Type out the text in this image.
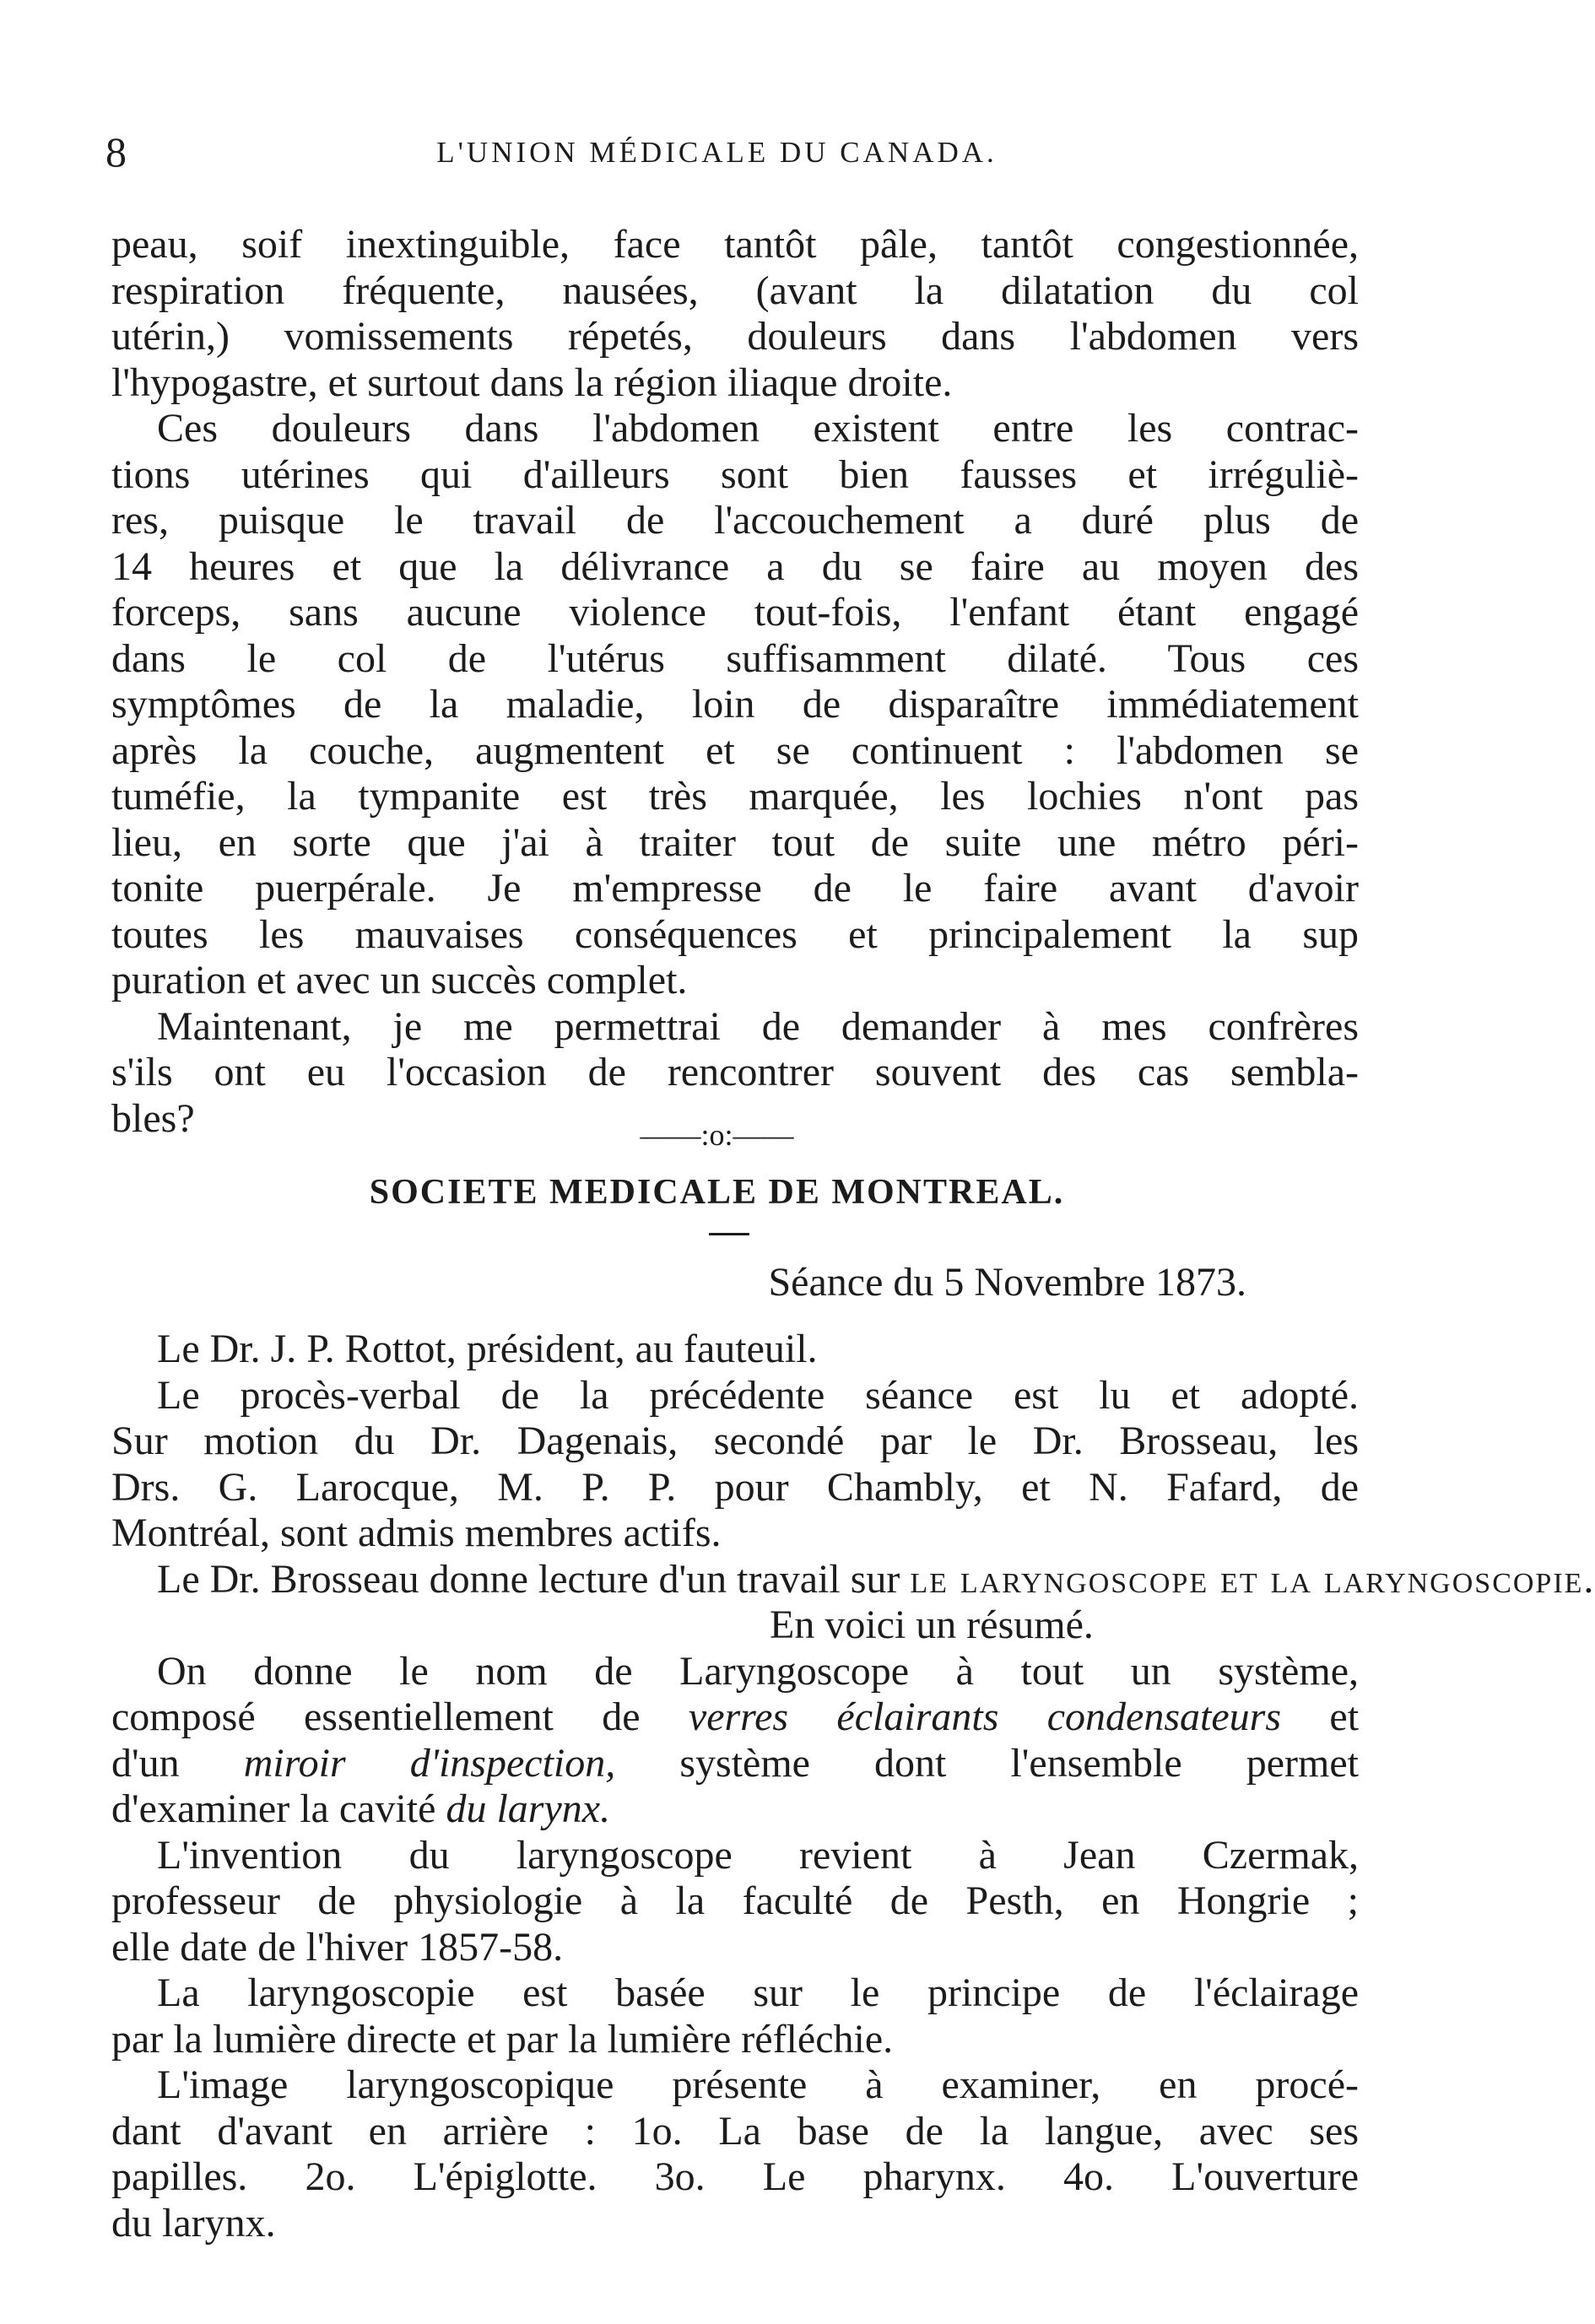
8	L'UNION MÉDICALE DU CANADA.
peau, soif inextinguible, face tantôt pâle, tantôt congestionnée,
respiration fréquente, nausées, (avant la dilatation du col
utérin,) vomissements répetés, douleurs dans l'abdomen vers
l'hypogastre, et surtout dans la région iliaque droite.
Ces douleurs dans l'abdomen existent entre les contrac-
tions utérines qui d'ailleurs sont bien fausses et irréguliè-
res, puisque le travail de l'accouchement a duré plus de
14 heures et que la délivrance a du se faire au moyen des
forceps, sans aucune violence tout-fois, l'enfant étant engagé
dans le col de l'utérus suffisamment dilaté. Tous ces
symptômes de la maladie, loin de disparaître immédiatement
après la couche, augmentent et se continuent : l'abdomen se
tuméfie, la tympanite est très marquée, les lochies n'ont pas
lieu, en sorte que j'ai à traiter tout de suite une métro péri-
tonite puerpérale. Je m'empresse de le faire avant d'avoir
toutes les mauvaises conséquences et principalement la sup
puration et avec un succès complet.
Maintenant, je me permettrai de demander à mes confrères
s'ils ont eu l'occasion de rencontrer souvent des cas sembla-
bles?	——:o:——
SOCIETE MEDICALE DE MONTREAL.
Séance du 5 Novembre 1873.
Le Dr. J. P. Rottot, président, au fauteuil.
Le procès-verbal de la précédente séance est lu et adopté.
Sur motion du Dr. Dagenais, secondé par le Dr. Brosseau, les
Drs. G. Larocque, M. P. P. pour Chambly, et N. Fafard, de
Montréal, sont admis membres actifs.
Le Dr. Brosseau donne lecture d'un travail sur le laryngoscope et la laryngoscopie.
En voici un résumé.
On donne le nom de Laryngoscope à tout un système,
composé essentiellement de verres éclairants condensateurs et
d'un miroir d'inspection, système dont l'ensemble permet
d'examiner la cavité du larynx.
L'invention du laryngoscope revient à Jean Czermak,
professeur de physiologie à la faculté de Pesth, en Hongrie ;
elle date de l'hiver 1857-58.
La laryngoscopie est basée sur le principe de l'éclairage
par la lumière directe et par la lumière réfléchie.
L'image laryngoscopique présente à examiner, en procé-
dant d'avant en arrière : 1o. La base de la langue, avec ses
papilles. 2o. L'épiglotte. 3o. Le pharynx. 4o. L'ouverture
du larynx.
